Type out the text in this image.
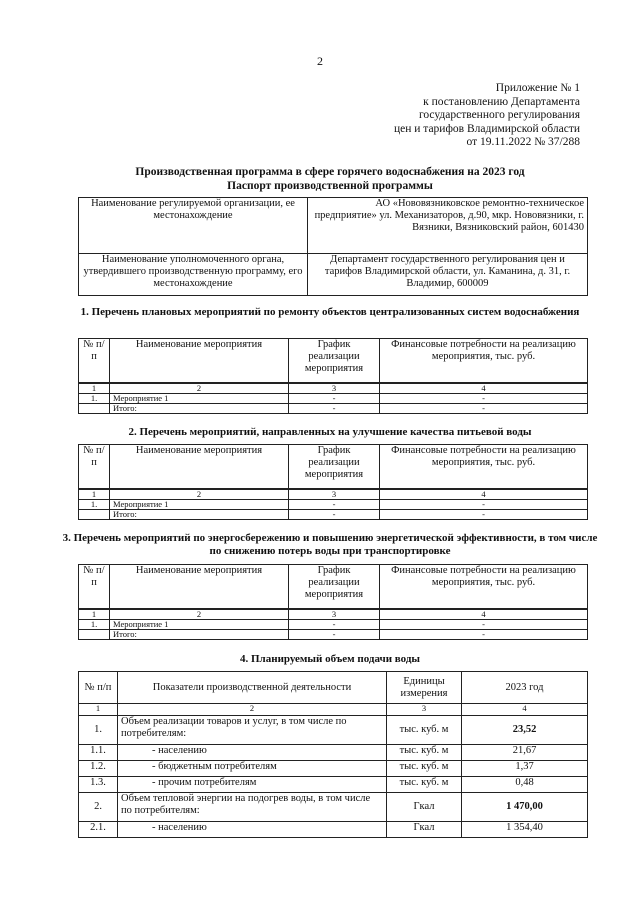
2
Приложение № 1
к постановлению Департамента
государственного регулирования
цен и тарифов Владимирской области
от 19.11.2022 № 37/288
Производственная программа в сфере горячего водоснабжения на 2023 год
Паспорт производственной программы
Наименование регулируемой организации, ее местонахождение	АО «Нововязниковское ремонтно-техническое предприятие» ул. Механизаторов, д.90, мкр. Нововязники, г. Вязники, Вязниковский район, 601430
Наименование уполномоченного органа, утвердившего производственную программу, его местонахождение	Департамент государственного регулирования цен и тарифов Владимирской области, ул. Каманина, д. 31, г. Владимир, 600009
1. Перечень плановых мероприятий по ремонту объектов централизованных систем водоснабжения
№ п/п	Наименование мероприятия	График реализации мероприятия	Финансовые потребности на реализацию мероприятия, тыс. руб.
1	2	3	4
1.	Мероприятие 1	-	-
	Итого:	-	-
2. Перечень мероприятий, направленных на улучшение качества питьевой воды
№ п/п	Наименование мероприятия	График реализации мероприятия	Финансовые потребности на реализацию мероприятия, тыс. руб.
1	2	3	4
1.	Мероприятие 1	-	-
	Итого:	-	-
3. Перечень мероприятий по энергосбережению и повышению энергетической эффективности, в том числе по снижению потерь воды при транспортировке
№ п/п	Наименование мероприятия	График реализации мероприятия	Финансовые потребности на реализацию мероприятия, тыс. руб.
1	2	3	4
1.	Мероприятие 1	-	-
	Итого:	-	-
4. Планируемый объем подачи воды
№ п/п	Показатели производственной деятельности	Единицы измерения	2023 год
1	2	3	4
1.	Объем реализации товаров и услуг, в том числе по потребителям:	тыс. куб. м	23,52
1.1.	- населению	тыс. куб. м	21,67
1.2.	- бюджетным потребителям	тыс. куб. м	1,37
1.3.	- прочим потребителям	тыс. куб. м	0,48
2.	Объем тепловой энергии на подогрев воды, в том числе по потребителям:	Гкал	1 470,00
2.1.	- населению	Гкал	1 354,40
